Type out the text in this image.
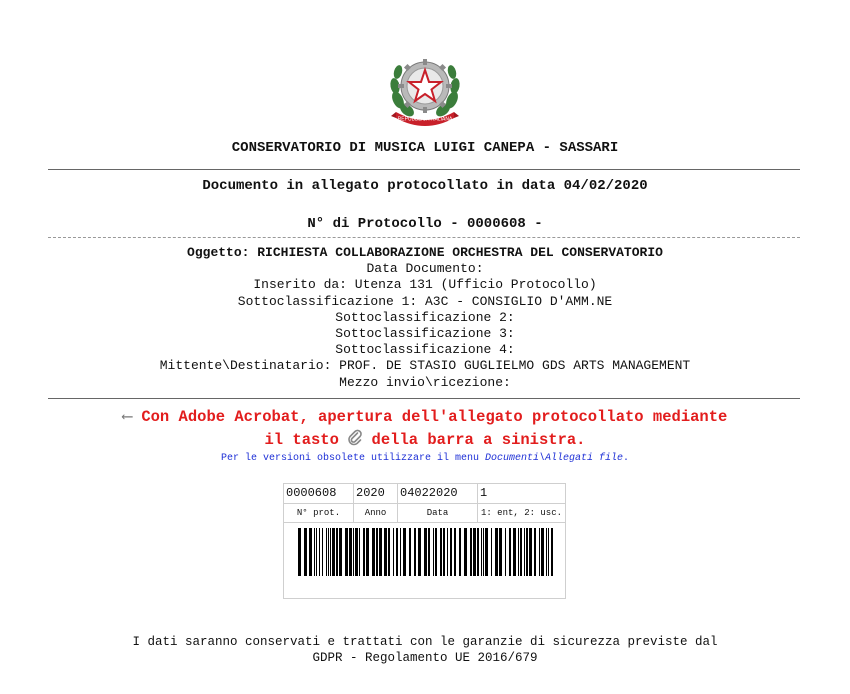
REPUBBLICA ITALIANA
CONSERVATORIO DI MUSICA LUIGI CANEPA - SASSARI
Documento in allegato protocollato in data 04/02/2020
N° di Protocollo - 0000608 -
Oggetto: RICHIESTA COLLABORAZIONE ORCHESTRA DEL CONSERVATORIO
Data Documento:
Inserito da: Utenza 131 (Ufficio Protocollo)
Sottoclassificazione 1: A3C - CONSIGLIO D'AMM.NE
Sottoclassificazione 2:
Sottoclassificazione 3:
Sottoclassificazione 4:
Mittente\Destinatario: PROF. DE STASIO GUGLIELMO GDS ARTS MANAGEMENT
Mezzo invio\ricezione:
⟵ Con Adobe Acrobat, apertura dell'allegato protocollato mediante
il tasto della barra a sinistra.
Per le versioni obsolete utilizzare il menu Documenti\Allegati file.
0000608	2020	04022020	1
N° prot.	Anno	Data	1: ent, 2: usc.
I dati saranno conservati e trattati con le garanzie di sicurezza previste dal
GDPR - Regolamento UE 2016/679
